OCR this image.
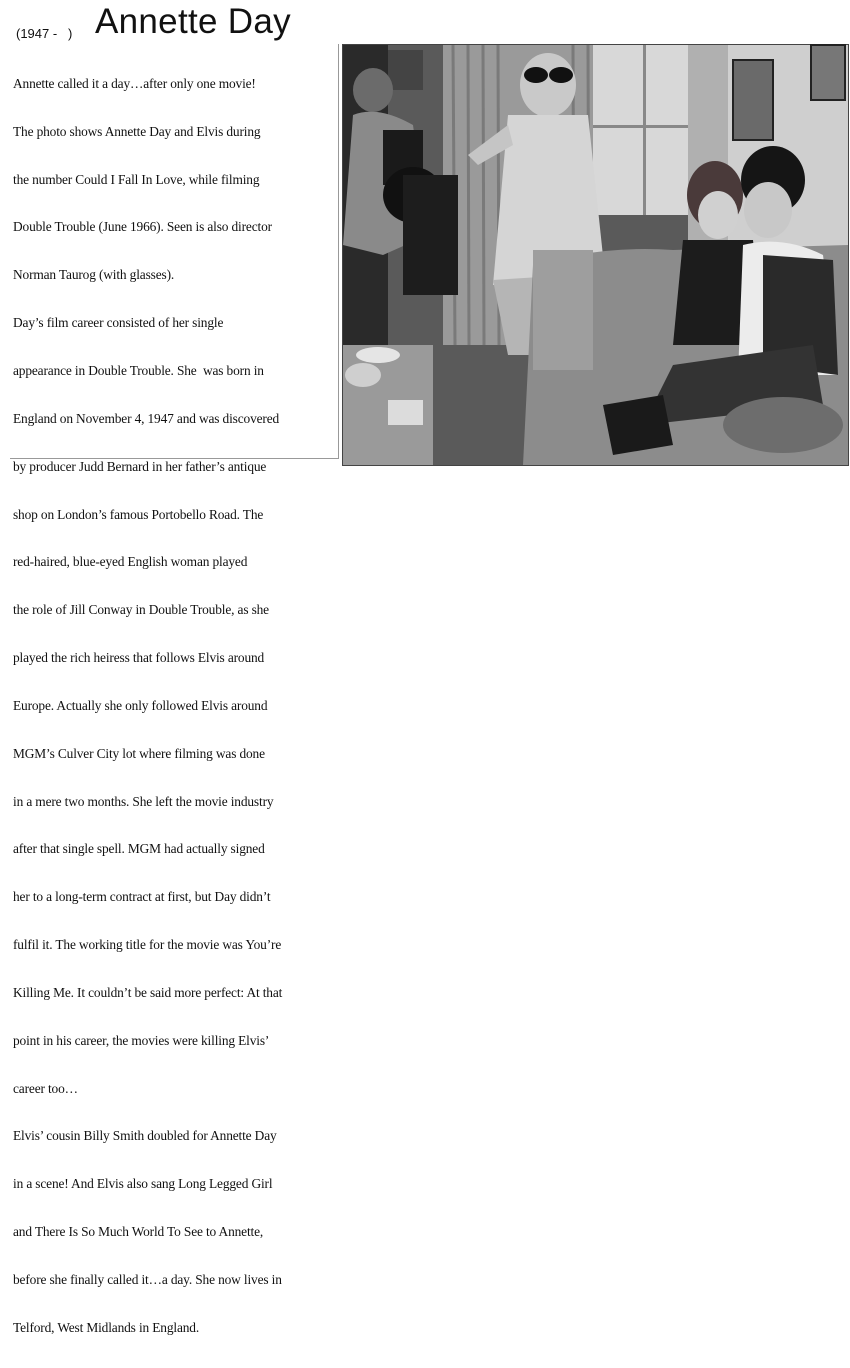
(1947 -   ) Annette Day

Annette called it a day…after only one movie!

The photo shows Annette Day and Elvis during

the number Could I Fall In Love, while filming

Double Trouble (June 1966). Seen is also director

Norman Taurog (with glasses).

Day’s film career consisted of her single

appearance in Double Trouble. She  was born in

England on November 4, 1947 and was discovered

by producer Judd Bernard in her father’s antique

shop on London’s famous Portobello Road. The

red-haired, blue-eyed English woman played

the role of Jill Conway in Double Trouble, as she

played the rich heiress that follows Elvis around

Europe. Actually she only followed Elvis around

MGM’s Culver City lot where filming was done

in a mere two months. She left the movie industry

after that single spell. MGM had actually signed

her to a long-term contract at first, but Day didn’t

fulfil it. The working title for the movie was You’re

Killing Me. It couldn’t be said more perfect: At that

point in his career, the movies were killing Elvis’

career too…

Elvis’ cousin Billy Smith doubled for Annette Day

in a scene! And Elvis also sang Long Legged Girl

and There Is So Much World To See to Annette,

before she finally called it…a day. She now lives in

Telford, West Midlands in England.
